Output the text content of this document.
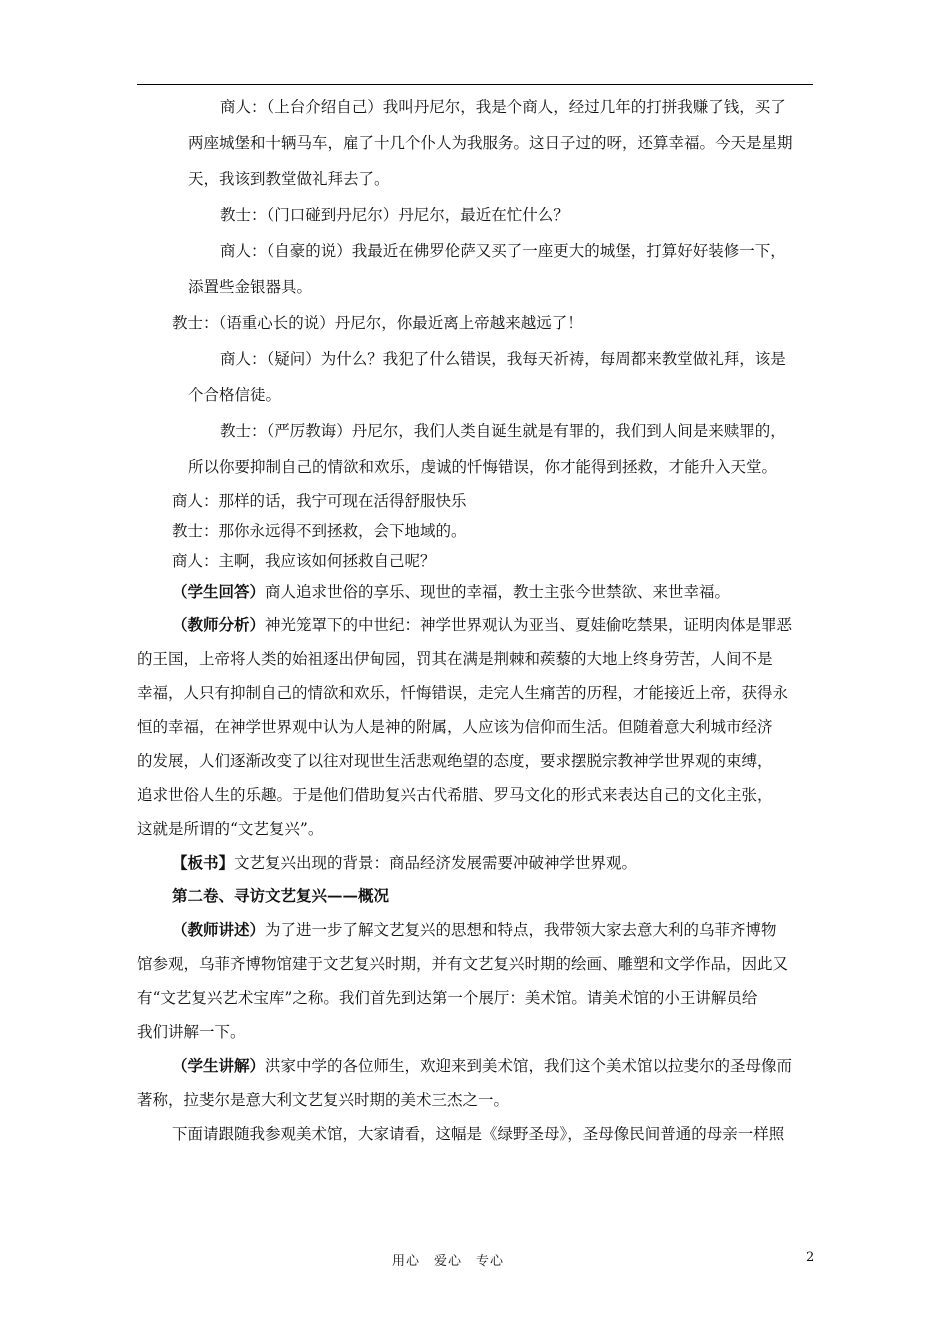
商人：（上台介绍自己）我叫丹尼尔，我是个商人，经过几年的打拼我赚了钱，买了
两座城堡和十辆马车，雇了十几个仆人为我服务。这日子过的呀，还算幸福。今天是星期
天，我该到教堂做礼拜去了。
教士：（门口碰到丹尼尔）丹尼尔，最近在忙什么？
商人：（自豪的说）我最近在佛罗伦萨又买了一座更大的城堡，打算好好装修一下，
添置些金银器具。
教士：（语重心长的说）丹尼尔，你最近离上帝越来越远了！
商人：（疑问）为什么？我犯了什么错误，我每天祈祷，每周都来教堂做礼拜，该是
个合格信徒。
教士：（严厉教诲）丹尼尔，我们人类自诞生就是有罪的，我们到人间是来赎罪的，
所以你要抑制自己的情欲和欢乐，虔诚的忏悔错误，你才能得到拯救，才能升入天堂。
商人：那样的话，我宁可现在活得舒服快乐
教士：那你永远得不到拯救，会下地域的。
商人：主啊，我应该如何拯救自己呢？
（学生回答）商人追求世俗的享乐、现世的幸福，教士主张今世禁欲、来世幸福。
（教师分析）神光笼罩下的中世纪：神学世界观认为亚当、夏娃偷吃禁果，证明肉体是罪恶
的王国，上帝将人类的始祖逐出伊甸园，罚其在满是荆棘和蒺藜的大地上终身劳苦，人间不是
幸福，人只有抑制自己的情欲和欢乐，忏悔错误，走完人生痛苦的历程，才能接近上帝，获得永
恒的幸福，在神学世界观中认为人是神的附属，人应该为信仰而生活。但随着意大利城市经济
的发展，人们逐渐改变了以往对现世生活悲观绝望的态度，要求摆脱宗教神学世界观的束缚，
追求世俗人生的乐趣。于是他们借助复兴古代希腊、罗马文化的形式来表达自己的文化主张，
这就是所谓的“文艺复兴”。
【板书】文艺复兴出现的背景：商品经济发展需要冲破神学世界观。
第二卷、寻访文艺复兴——概况
（教师讲述）为了进一步了解文艺复兴的思想和特点，我带领大家去意大利的乌菲齐博物
馆参观，乌菲齐博物馆建于文艺复兴时期，并有文艺复兴时期的绘画、雕塑和文学作品，因此又
有“文艺复兴艺术宝库”之称。我们首先到达第一个展厅：美术馆。请美术馆的小王讲解员给
我们讲解一下。
（学生讲解）洪家中学的各位师生，欢迎来到美术馆，我们这个美术馆以拉斐尔的圣母像而
著称，拉斐尔是意大利文艺复兴时期的美术三杰之一。
下面请跟随我参观美术馆，大家请看，这幅是《绿野圣母》，圣母像民间普通的母亲一样照
用心　爱心　专心	2
